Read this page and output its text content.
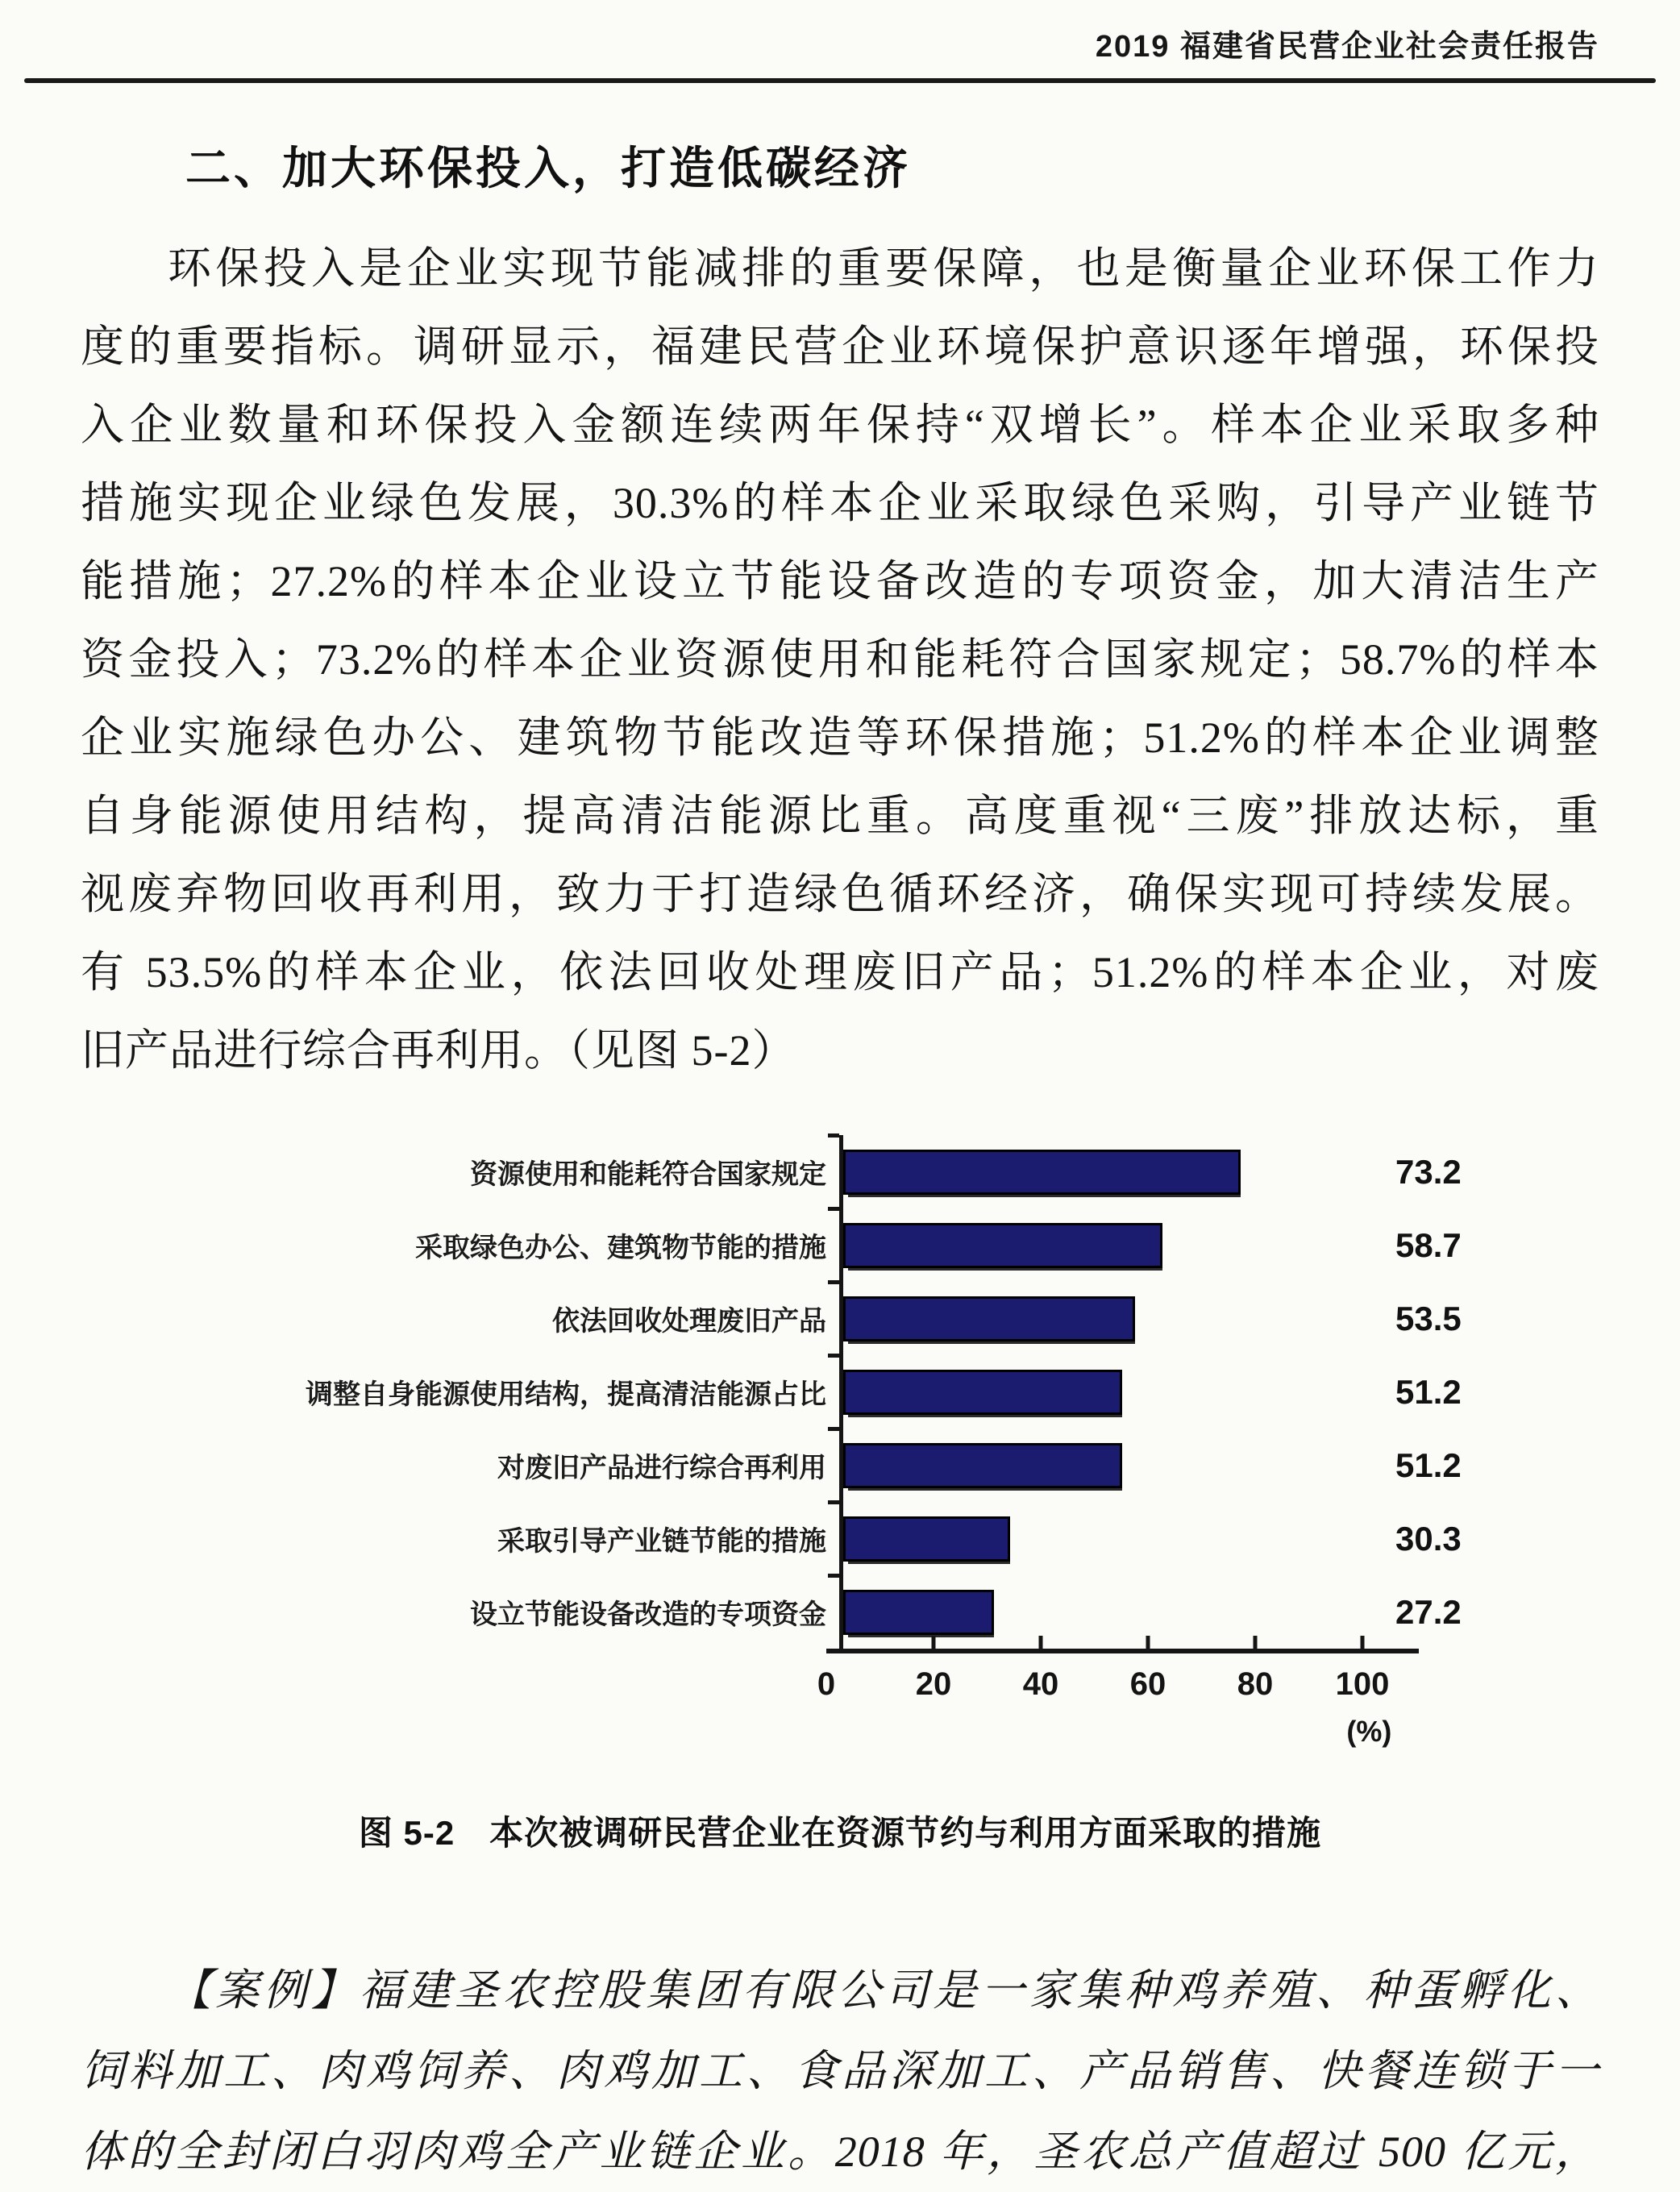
2019 福建省民营企业社会责任报告
二、加大环保投入，打造低碳经济
环保投入是企业实现节能减排的重要保障，也是衡量企业环保工作力
度的重要指标。调研显示，福建民营企业环境保护意识逐年增强，环保投
入企业数量和环保投入金额连续两年保持“双增长”。样本企业采取多种
措施实现企业绿色发展，30.3%的样本企业采取绿色采购，引导产业链节
能措施；27.2%的样本企业设立节能设备改造的专项资金，加大清洁生产
资金投入；73.2%的样本企业资源使用和能耗符合国家规定；58.7%的样本
企业实施绿色办公、建筑物节能改造等环保措施；51.2%的样本企业调整
自身能源使用结构，提高清洁能源比重。高度重视“三废”排放达标，重
视废弃物回收再利用，致力于打造绿色循环经济，确保实现可持续发展。
有 53.5%的样本企业，依法回收处理废旧产品；51.2%的样本企业，对废
旧产品进行综合再利用。（见图 5-2）
资源使用和能耗符合国家规定	73.2
采取绿色办公、建筑物节能的措施	58.7
依法回收处理废旧产品	53.5
调整自身能源使用结构，提高清洁能源占比	51.2
对废旧产品进行综合再利用	51.2
采取引导产业链节能的措施	30.3
设立节能设备改造的专项资金	27.2
(%)
0 20 40 60 80 100
图 5-2　本次被调研民营企业在资源节约与利用方面采取的措施
【案例】福建圣农控股集团有限公司是一家集种鸡养殖、种蛋孵化、
饲料加工、肉鸡饲养、肉鸡加工、食品深加工、产品销售、快餐连锁于一
体的全封闭白羽肉鸡全产业链企业。2018 年，圣农总产值超过 500 亿元，
